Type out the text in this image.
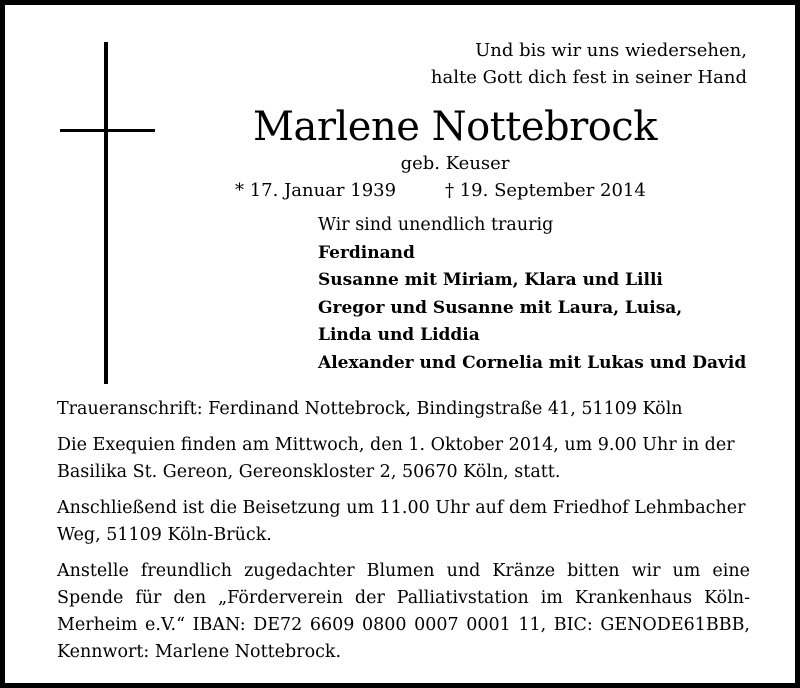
Und bis wir uns wiedersehen,
halte Gott dich fest in seiner Hand
Marlene Nottebrock
geb. Keuser
* 17. Januar 1939	† 19. September 2014
Wir sind unendlich traurig
Ferdinand
Susanne mit Miriam, Klara und Lilli
Gregor und Susanne mit Laura, Luisa,
Linda und Liddia
Alexander und Cornelia mit Lukas und David

Traueranschrift: Ferdinand Nottebrock, Bindingstraße 41, 51109 Köln

Die Exequien finden am Mittwoch, den 1. Oktober 2014, um 9.00 Uhr in der Basilika St. Gereon, Gereonskloster 2, 50670 Köln, statt.

Anschließend ist die Beisetzung um 11.00 Uhr auf dem Friedhof Lehmbacher Weg, 51109 Köln-Brück.

Anstelle freundlich zugedachter Blumen und Kränze bitten wir um eine Spende für den „Förderverein der Palliativstation im Krankenhaus Köln-Merheim e.V.“ IBAN: DE72 6609 0800 0007 0001 11, BIC: GENODE61BBB, Kennwort: Marlene Nottebrock.
